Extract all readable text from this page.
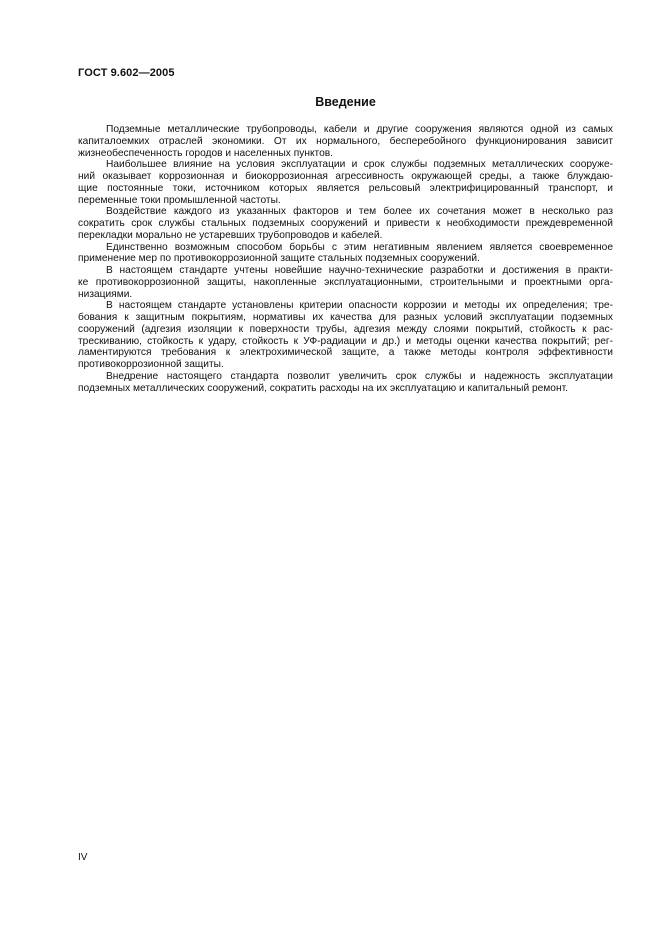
ГОСТ 9.602—2005
Введение

Подземные металлические трубопроводы, кабели и другие сооружения являются одной из самых
капиталоемких отраслей экономики. От их нормального, бесперебойного функционирования зависит
жизнеобеспеченность городов и населенных пунктов.

Наибольшее влияние на условия эксплуатации и срок службы подземных металлических сооруже-
ний оказывает коррозионная и биокоррозионная агрессивность окружающей среды, а также блуждаю-
щие постоянные токи, источником которых является рельсовый электрифицированный транспорт, и
переменные токи промышленной частоты.

Воздействие каждого из указанных факторов и тем более их сочетания может в несколько раз
сократить срок службы стальных подземных сооружений и привести к необходимости преждевременной
перекладки морально не устаревших трубопроводов и кабелей.

Единственно возможным способом борьбы с этим негативным явлением является своевременное
применение мер по противокоррозионной защите стальных подземных сооружений.

В настоящем стандарте учтены новейшие научно-технические разработки и достижения в практи-
ке противокоррозионной защиты, накопленные эксплуатационными, строительными и проектными орга-
низациями.

В настоящем стандарте установлены критерии опасности коррозии и методы их определения; тре-
бования к защитным покрытиям, нормативы их качества для разных условий эксплуатации подземных
сооружений (адгезия изоляции к поверхности трубы, адгезия между слоями покрытий, стойкость к рас-
трескиванию, стойкость к удару, стойкость к УФ-радиации и др.) и методы оценки качества покрытий; рег-
ламентируются требования к электрохимической защите, а также методы контроля эффективности
противокоррозионной защиты.

Внедрение настоящего стандарта позволит увеличить срок службы и надежность эксплуатации
подземных металлических сооружений, сократить расходы на их эксплуатацию и капитальный ремонт.

IV
